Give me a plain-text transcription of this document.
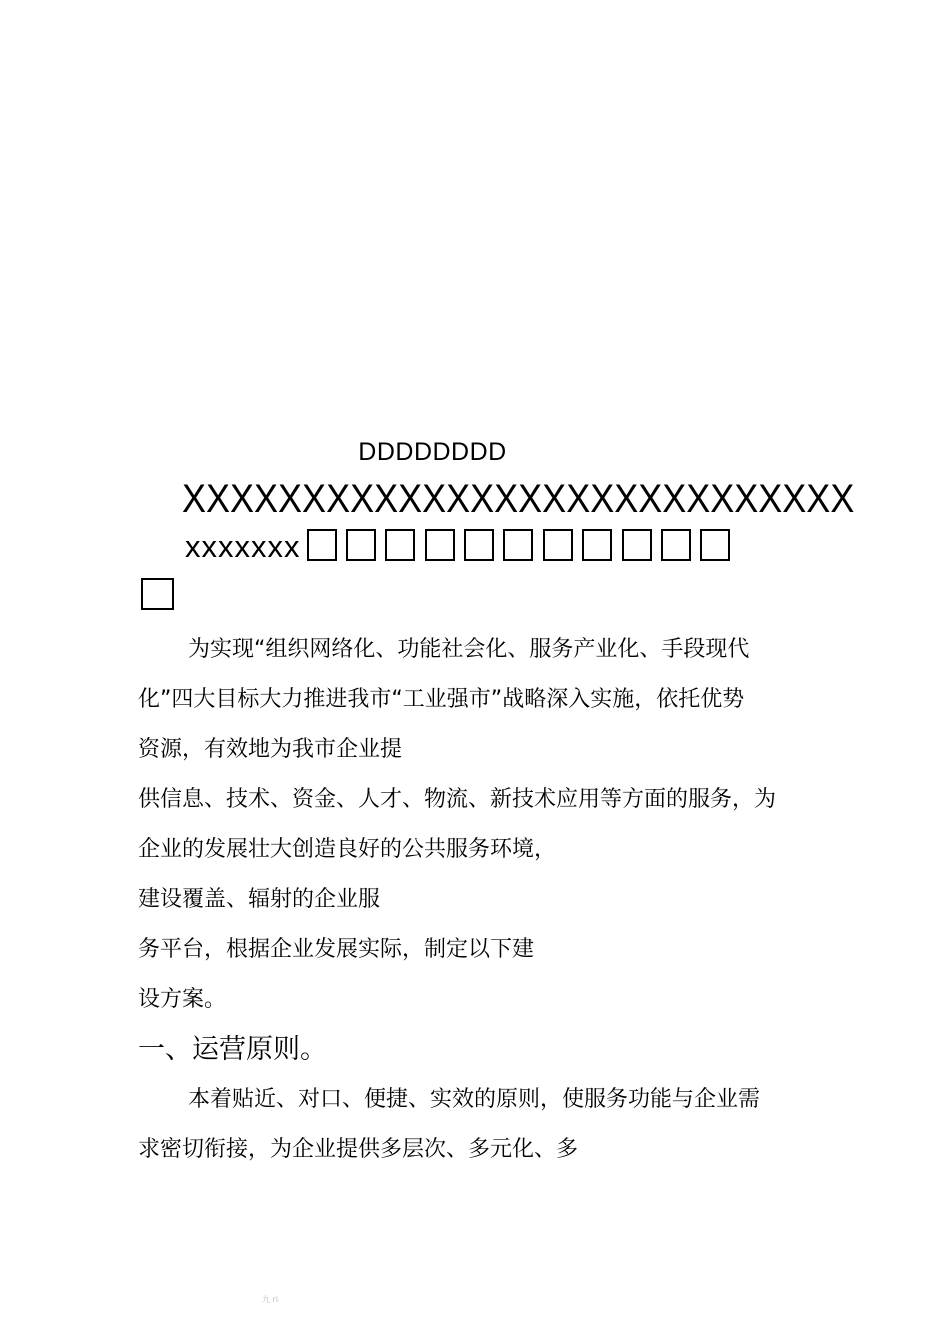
DDDDDDDD
XXXXXXXXXXXXXXXXXXXXXXXXXXXX
xxxxxxx
为实现“组织网络化、功能社会化、服务产业化、手段现代
化”四大目标大力推进我市“工业强市”战略深入实施，依托优势
资源，有效地为我市企业提
供信息、技术、资金、人才、物流、新技术应用等方面的服务，为
企业的发展壮大创造良好的公共服务环境，
建设覆盖、辐射的企业服
务平台，根据企业发展实际，制定以下建
设方案。
一、运营原则。
本着贴近、对口、便捷、实效的原则，使服务功能与企业需
求密切衔接，为企业提供多层次、多元化、多
九 ri
